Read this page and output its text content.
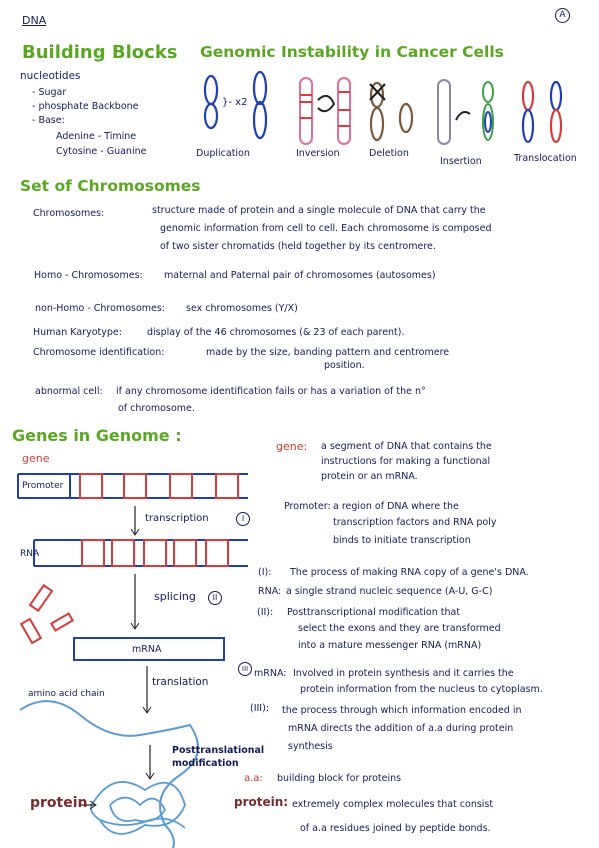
DNA	A
Building Blocks
nucleotides
- Sugar
- phosphate Backbone
- Base:
Adenine - Timine
Cytosine - Guanine
Genomic Instability in Cancer Cells
}- x2
Duplication	Inversion	Deletion
Insertion	Translocation
Set of Chromosomes
Chromosomes:	structure made of protein and a single molecule of DNA that carry the
genomic information from cell to cell. Each chromosome is composed
of two sister chromatids (held together by its centromere.
Homo - Chromosomes: maternal and Paternal pair of chromosomes (autosomes)
non-Homo - Chromosomes: sex chromosomes (Y/X)
Human Karyotype:	display of the 46 chromosomes (& 23 of each parent).
Chromosome identification:	made by the size, banding pattern and centromere
position.
abnormal cell: if any chromosome identification fails or has a variation of the n°
of chromosome.
Genes in Genome :
gene
Promoter
transcription	I
RNA
splicing	II
mRNA
III
translation
amino acid chain
Posttranslational
modification
protein
gene: a segment of DNA that contains the
instructions for making a functional
protein or an mRNA.
Promoter: a region of DNA where the
transcription factors and RNA poly
binds to initiate transcription
(I): The process of making RNA copy of a gene's DNA.
RNA: a single strand nucleic sequence (A-U, G-C)
(II): Posttranscriptional modification that
select the exons and they are transformed
into a mature messenger RNA (mRNA)
mRNA: Involved in protein synthesis and it carries the
protein information from the nucleus to cytoplasm.
(III): the process through which information encoded in
mRNA directs the addition of a.a during protein
synthesis
a.a: building block for proteins
protein: extremely complex molecules that consist
of a.a residues joined by peptide bonds.
